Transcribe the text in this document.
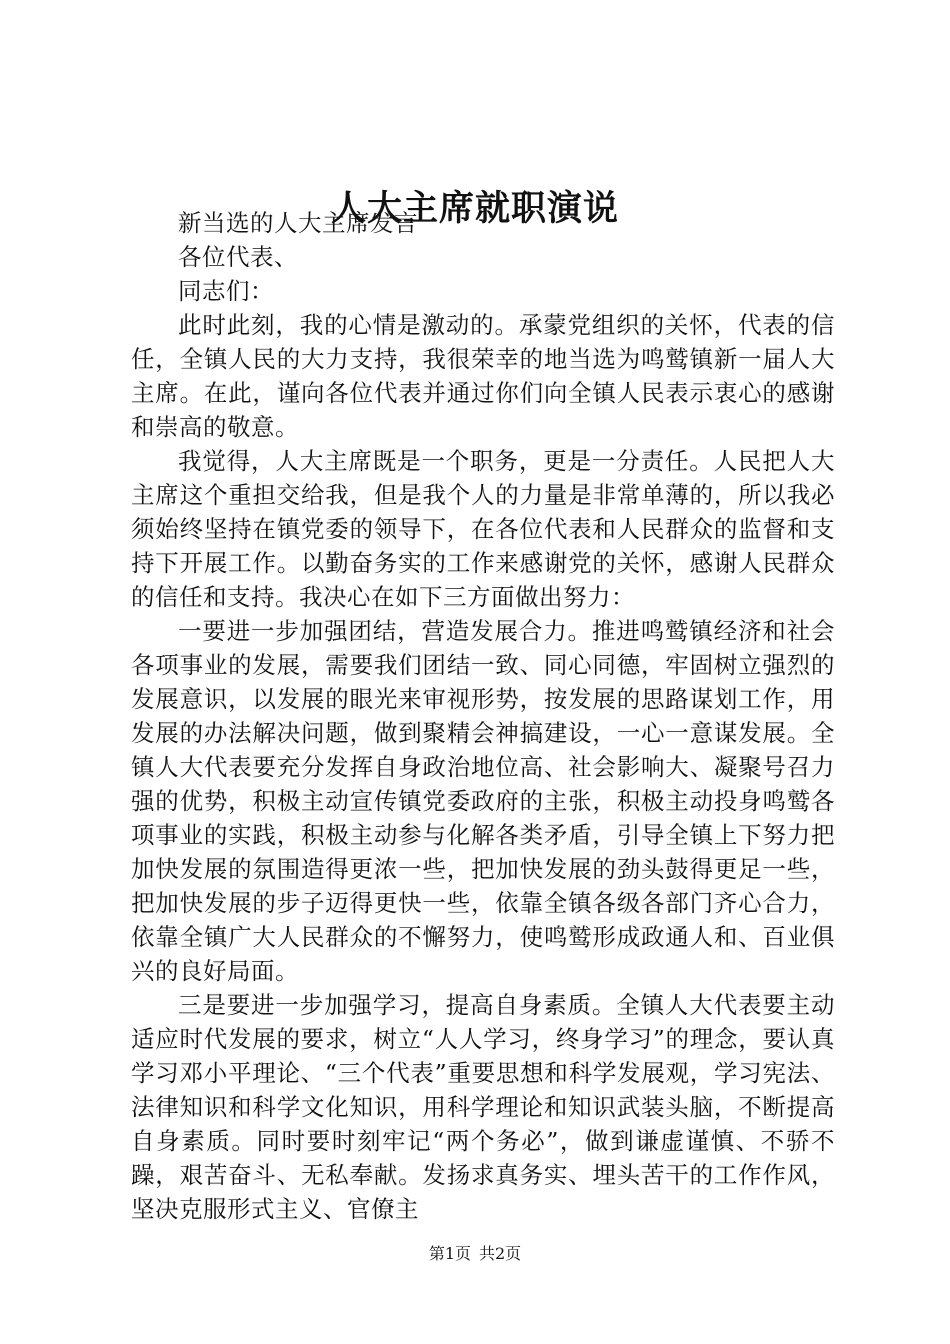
人大主席就职演说

新当选的人大主席发言

各位代表、

同志们：

此时此刻，我的心情是激动的。承蒙党组织的关怀，代表的信任，全镇人民的大力支持，我很荣幸的地当选为鸣鹫镇新一届人大主席。在此，谨向各位代表并通过你们向全镇人民表示衷心的感谢和崇高的敬意。

我觉得，人大主席既是一个职务，更是一分责任。人民把人大主席这个重担交给我，但是我个人的力量是非常单薄的，所以我必须始终坚持在镇党委的领导下，在各位代表和人民群众的监督和支持下开展工作。以勤奋务实的工作来感谢党的关怀，感谢人民群众的信任和支持。我决心在如下三方面做出努力：

一要进一步加强团结，营造发展合力。推进鸣鹫镇经济和社会各项事业的发展，需要我们团结一致、同心同德，牢固树立强烈的发展意识，以发展的眼光来审视形势，按发展的思路谋划工作，用发展的办法解决问题，做到聚精会神搞建设，一心一意谋发展。全镇人大代表要充分发挥自身政治地位高、社会影响大、凝聚号召力强的优势，积极主动宣传镇党委政府的主张，积极主动投身鸣鹫各项事业的实践，积极主动参与化解各类矛盾，引导全镇上下努力把加快发展的氛围造得更浓一些，把加快发展的劲头鼓得更足一些，把加快发展的步子迈得更快一些，依靠全镇各级各部门齐心合力，依靠全镇广大人民群众的不懈努力，使鸣鹫形成政通人和、百业俱兴的良好局面。

三是要进一步加强学习，提高自身素质。全镇人大代表要主动适应时代发展的要求，树立“人人学习，终身学习”的理念，要认真学习邓小平理论、“三个代表”重要思想和科学发展观，学习宪法、法律知识和科学文化知识，用科学理论和知识武装头脑，不断提高自身素质。同时要时刻牢记“两个务必”，做到谦虚谨慎、不骄不躁，艰苦奋斗、无私奉献。发扬求真务实、埋头苦干的工作作风，坚决克服形式主义、官僚主

第1页 共2页
